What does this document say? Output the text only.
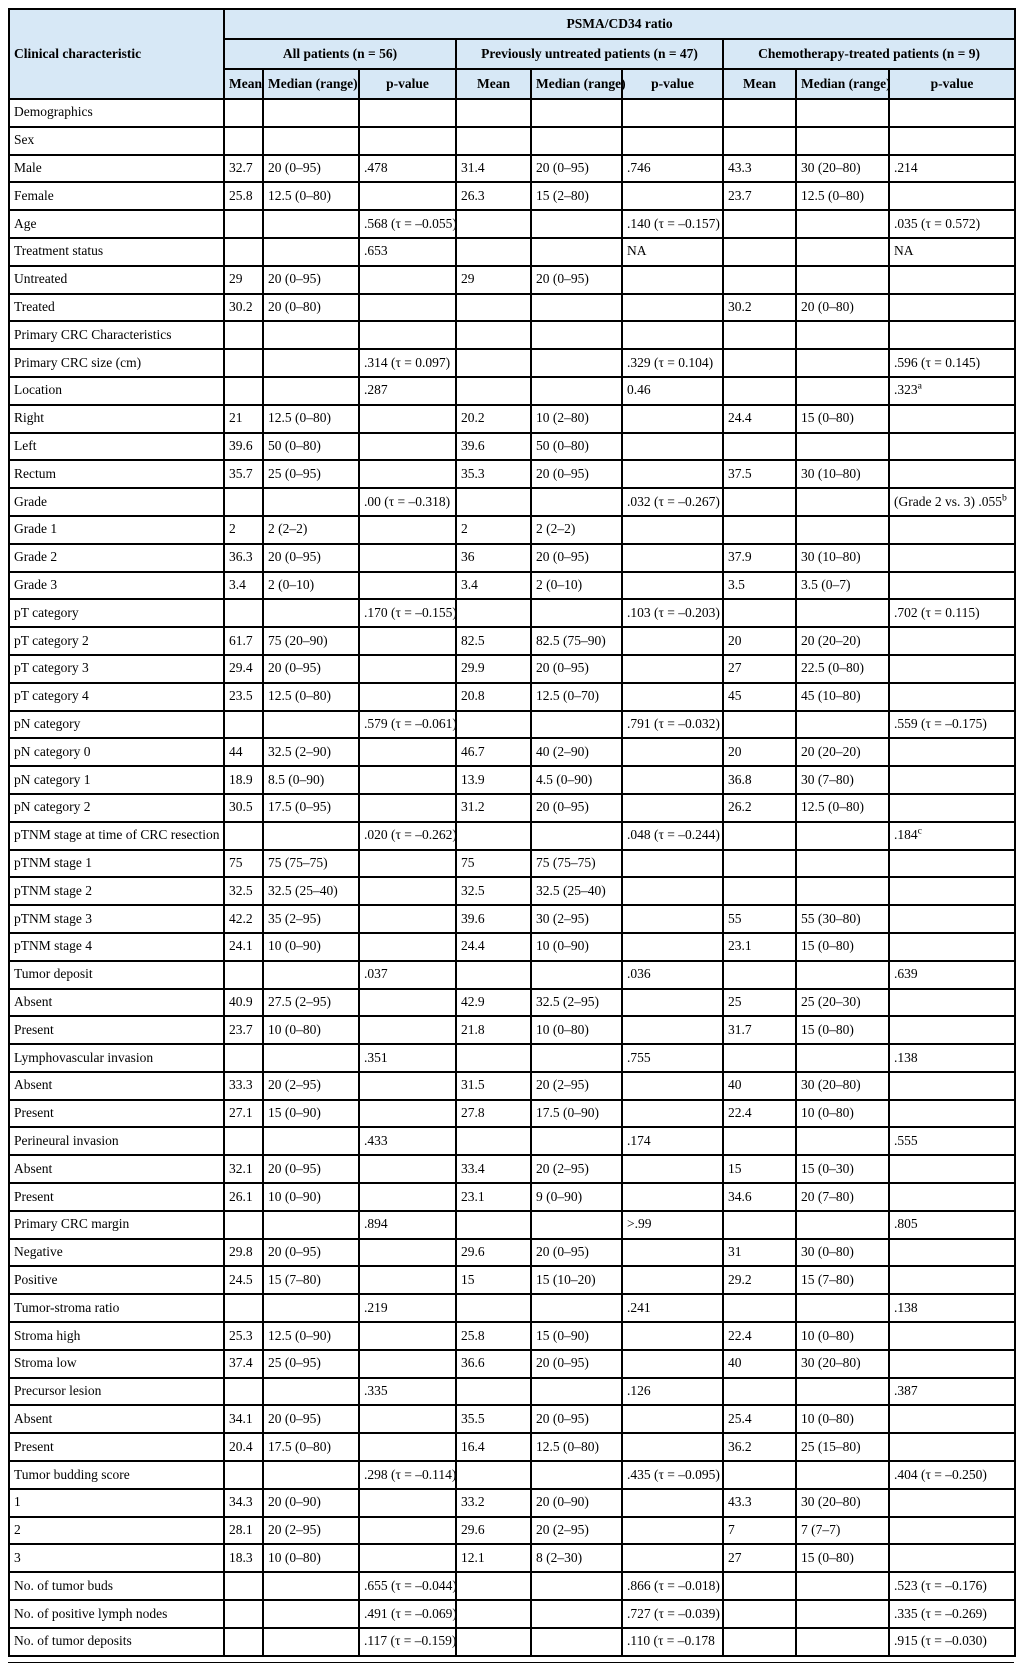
Clinical characteristic	PSMA/CD34 ratio								
	All patients (n = 56)			Previously untreated patients (n = 47)			Chemotherapy-treated patients (n = 9)		
	Mean	Median (range)	p-value	Mean	Median (range)	p-value	Mean	Median (range)	p-value
Demographics									
Sex									
Male	32.7	20 (0–95)	.478	31.4	20 (0–95)	.746	43.3	30 (20–80)	.214
Female	25.8	12.5 (0–80)		26.3	15 (2–80)		23.7	12.5 (0–80)	
Age			.568 (τ = –0.055)			.140 (τ = –0.157)			.035 (τ = 0.572)
Treatment status			.653			NA			NA
Untreated	29	20 (0–95)		29	20 (0–95)				
Treated	30.2	20 (0–80)					30.2	20 (0–80)	
Primary CRC Characteristics									
Primary CRC size (cm)			.314 (τ = 0.097)			.329 (τ = 0.104)			.596 (τ = 0.145)
Location			.287			0.46			.323$^a$
Right	21	12.5 (0–80)		20.2	10 (2–80)		24.4	15 (0–80)	
Left	39.6	50 (0–80)		39.6	50 (0–80)				
Rectum	35.7	25 (0–95)		35.3	20 (0–95)		37.5	30 (10–80)	
Grade			.00 (τ = –0.318)			.032 (τ = –0.267)			(Grade 2 vs. 3) .055$^b$
Grade 1	2	2 (2–2)		2	2 (2–2)				
Grade 2	36.3	20 (0–95)		36	20 (0–95)		37.9	30 (10–80)	
Grade 3	3.4	2 (0–10)		3.4	2 (0–10)		3.5	3.5 (0–7)	
pT category			.170 (τ = –0.155)			.103 (τ = –0.203)			.702 (τ = 0.115)
pT category 2	61.7	75 (20–90)		82.5	82.5 (75–90)		20	20 (20–20)	
pT category 3	29.4	20 (0–95)		29.9	20 (0–95)		27	22.5 (0–80)	
pT category 4	23.5	12.5 (0–80)		20.8	12.5 (0–70)		45	45 (10–80)	
pN category			.579 (τ = –0.061)			.791 (τ = –0.032)			.559 (τ = –0.175)
pN category 0	44	32.5 (2–90)		46.7	40 (2–90)		20	20 (20–20)	
pN category 1	18.9	8.5 (0–90)		13.9	4.5 (0–90)		36.8	30 (7–80)	
pN category 2	30.5	17.5 (0–95)		31.2	20 (0–95)		26.2	12.5 (0–80)	
pTNM stage at time of CRC resection			.020 (τ = –0.262)			.048 (τ = –0.244)			.184$^c$
pTNM stage 1	75	75 (75–75)		75	75 (75–75)				
pTNM stage 2	32.5	32.5 (25–40)		32.5	32.5 (25–40)				
pTNM stage 3	42.2	35 (2–95)		39.6	30 (2–95)		55	55 (30–80)	
pTNM stage 4	24.1	10 (0–90)		24.4	10 (0–90)		23.1	15 (0–80)	
Tumor deposit			.037			.036			.639
Absent	40.9	27.5 (2–95)		42.9	32.5 (2–95)		25	25 (20–30)	
Present	23.7	10 (0–80)		21.8	10 (0–80)		31.7	15 (0–80)	
Lymphovascular invasion			.351			.755			.138
Absent	33.3	20 (2–95)		31.5	20 (2–95)		40	30 (20–80)	
Present	27.1	15 (0–90)		27.8	17.5 (0–90)		22.4	10 (0–80)	
Perineural invasion			.433			.174			.555
Absent	32.1	20 (0–95)		33.4	20 (2–95)		15	15 (0–30)	
Present	26.1	10 (0–90)		23.1	9 (0–90)		34.6	20 (7–80)	
Primary CRC margin			.894			>.99			.805
Negative	29.8	20 (0–95)		29.6	20 (0–95)		31	30 (0–80)	
Positive	24.5	15 (7–80)		15	15 (10–20)		29.2	15 (7–80)	
Tumor-stroma ratio			.219			.241			.138
Stroma high	25.3	12.5 (0–90)		25.8	15 (0–90)		22.4	10 (0–80)	
Stroma low	37.4	25 (0–95)		36.6	20 (0–95)		40	30 (20–80)	
Precursor lesion			.335			.126			.387
Absent	34.1	20 (0–95)		35.5	20 (0–95)		25.4	10 (0–80)	
Present	20.4	17.5 (0–80)		16.4	12.5 (0–80)		36.2	25 (15–80)	
Tumor budding score			.298 (τ = –0.114)			.435 (τ = –0.095)			.404 (τ = –0.250)
1	34.3	20 (0–90)		33.2	20 (0–90)		43.3	30 (20–80)	
2	28.1	20 (2–95)		29.6	20 (2–95)		7	7 (7–7)	
3	18.3	10 (0–80)		12.1	8 (2–30)		27	15 (0–80)	
No. of tumor buds			.655 (τ = –0.044)			.866 (τ = –0.018)			.523 (τ = –0.176)
No. of positive lymph nodes			.491 (τ = –0.069)			.727 (τ = –0.039)			.335 (τ = –0.269)
No. of tumor deposits			.117 (τ = –0.159)			.110 (τ = –0.178			.915 (τ = –0.030)
